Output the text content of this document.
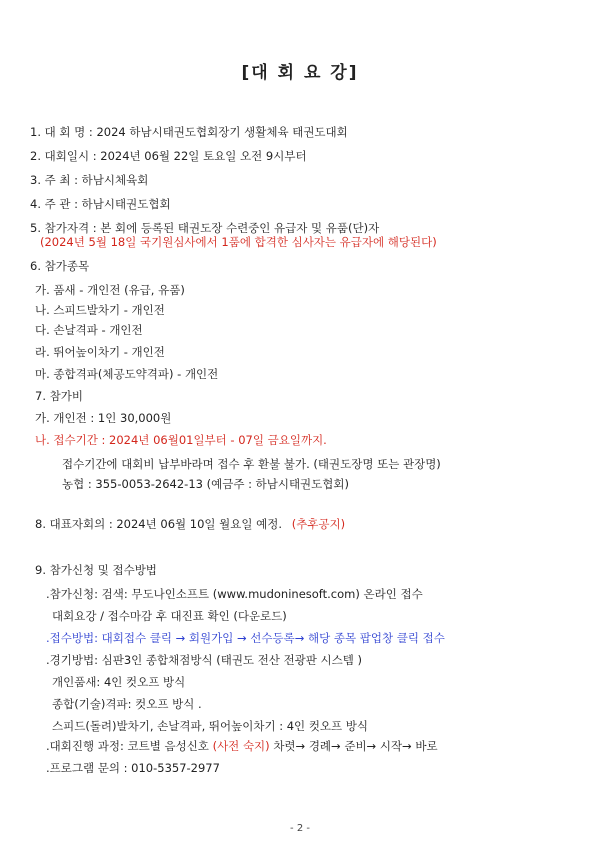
[대 회 요 강]
1. 대 회 명 : 2024 하남시태권도협회장기 생활체육 태권도대회
2. 대회일시 : 2024년 06월 22일 토요일 오전 9시부터
3. 주 최 : 하남시체육회
4. 주 관 : 하남시태권도협회
5. 참가자격 : 본 회에 등록된 태권도장 수련중인 유급자 및 유품(단)자
(2024년 5월 18일 국기원심사에서 1품에 합격한 심사자는 유급자에 해당된다)
6. 참가종목
가. 품새 - 개인전 (유급, 유품)
나. 스피드발차기 - 개인전
다. 손날격파 - 개인전
라. 뛰어높이차기 - 개인전
마. 종합격파(체공도약격파) - 개인전
7. 참가비
가. 개인전 : 1인 30,000원
나. 접수기간 : 2024년 06월01일부터 - 07일 금요일까지.
접수기간에 대회비 납부바라며 접수 후 환불 불가. (태권도장명 또는 관장명)
농협 : 355-0053-2642-13 (예금주 : 하남시태권도협회)
8. 대표자회의 : 2024년 06월 10일 월요일 예정. (추후공지)
9. 참가신청 및 접수방법
.참가신청: 검색: 무도나인소프트 (www.mudoninesoft.com) 온라인 접수
대회요강 / 접수마감 후 대진표 확인 (다운로드)
.접수방법: 대회접수 클릭 → 회원가입 → 선수등록→ 해당 종목 팝업창 클릭 접수
.경기방법: 심판3인 종합채점방식 (태권도 전산 전광판 시스템 )
개인품새: 4인 컷오프 방식
종합(기술)격파: 컷오프 방식 .
스피드(돌려)발차기, 손날격파, 뛰어높이차기 : 4인 컷오프 방식
.대회진행 과정: 코트별 음성신호 (사전 숙지) 차렷→ 경례→ 준비→ 시작→ 바로
.프로그램 문의 : 010-5357-2977
- 2 -
